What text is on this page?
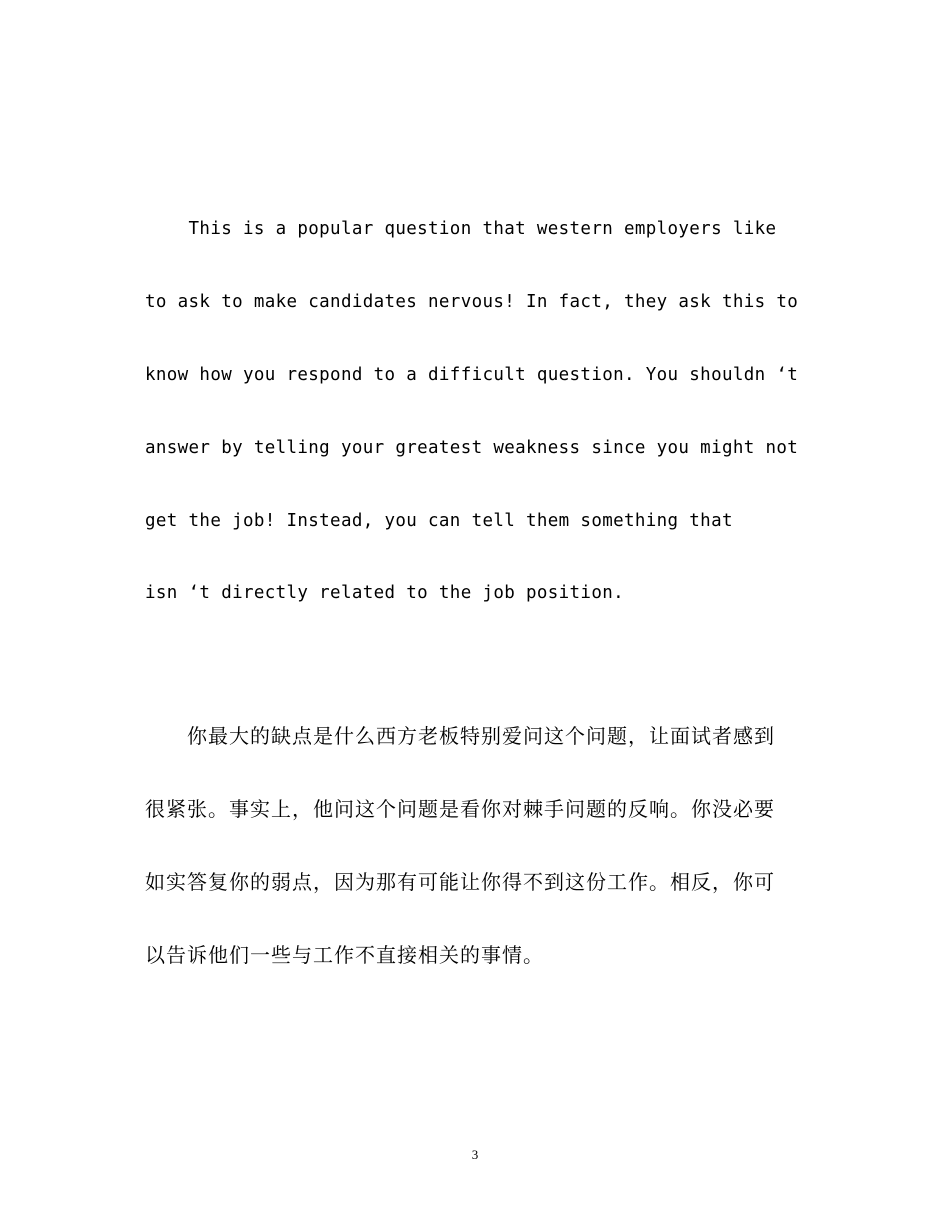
This is a popular question that western employers like
to ask to make candidates nervous! In fact, they ask this to
know how you respond to a difficult question. You shouldn ‘t
answer by telling your greatest weakness since you might not
get the job! Instead, you can tell them something that
isn ‘t directly related to the job position.
　　你最大的缺点是什么西方老板特别爱问这个问题，让面试者感到
很紧张。事实上，他问这个问题是看你对棘手问题的反响。你没必要
如实答复你的弱点，因为那有可能让你得不到这份工作。相反，你可
以告诉他们一些与工作不直接相关的事情。
3
